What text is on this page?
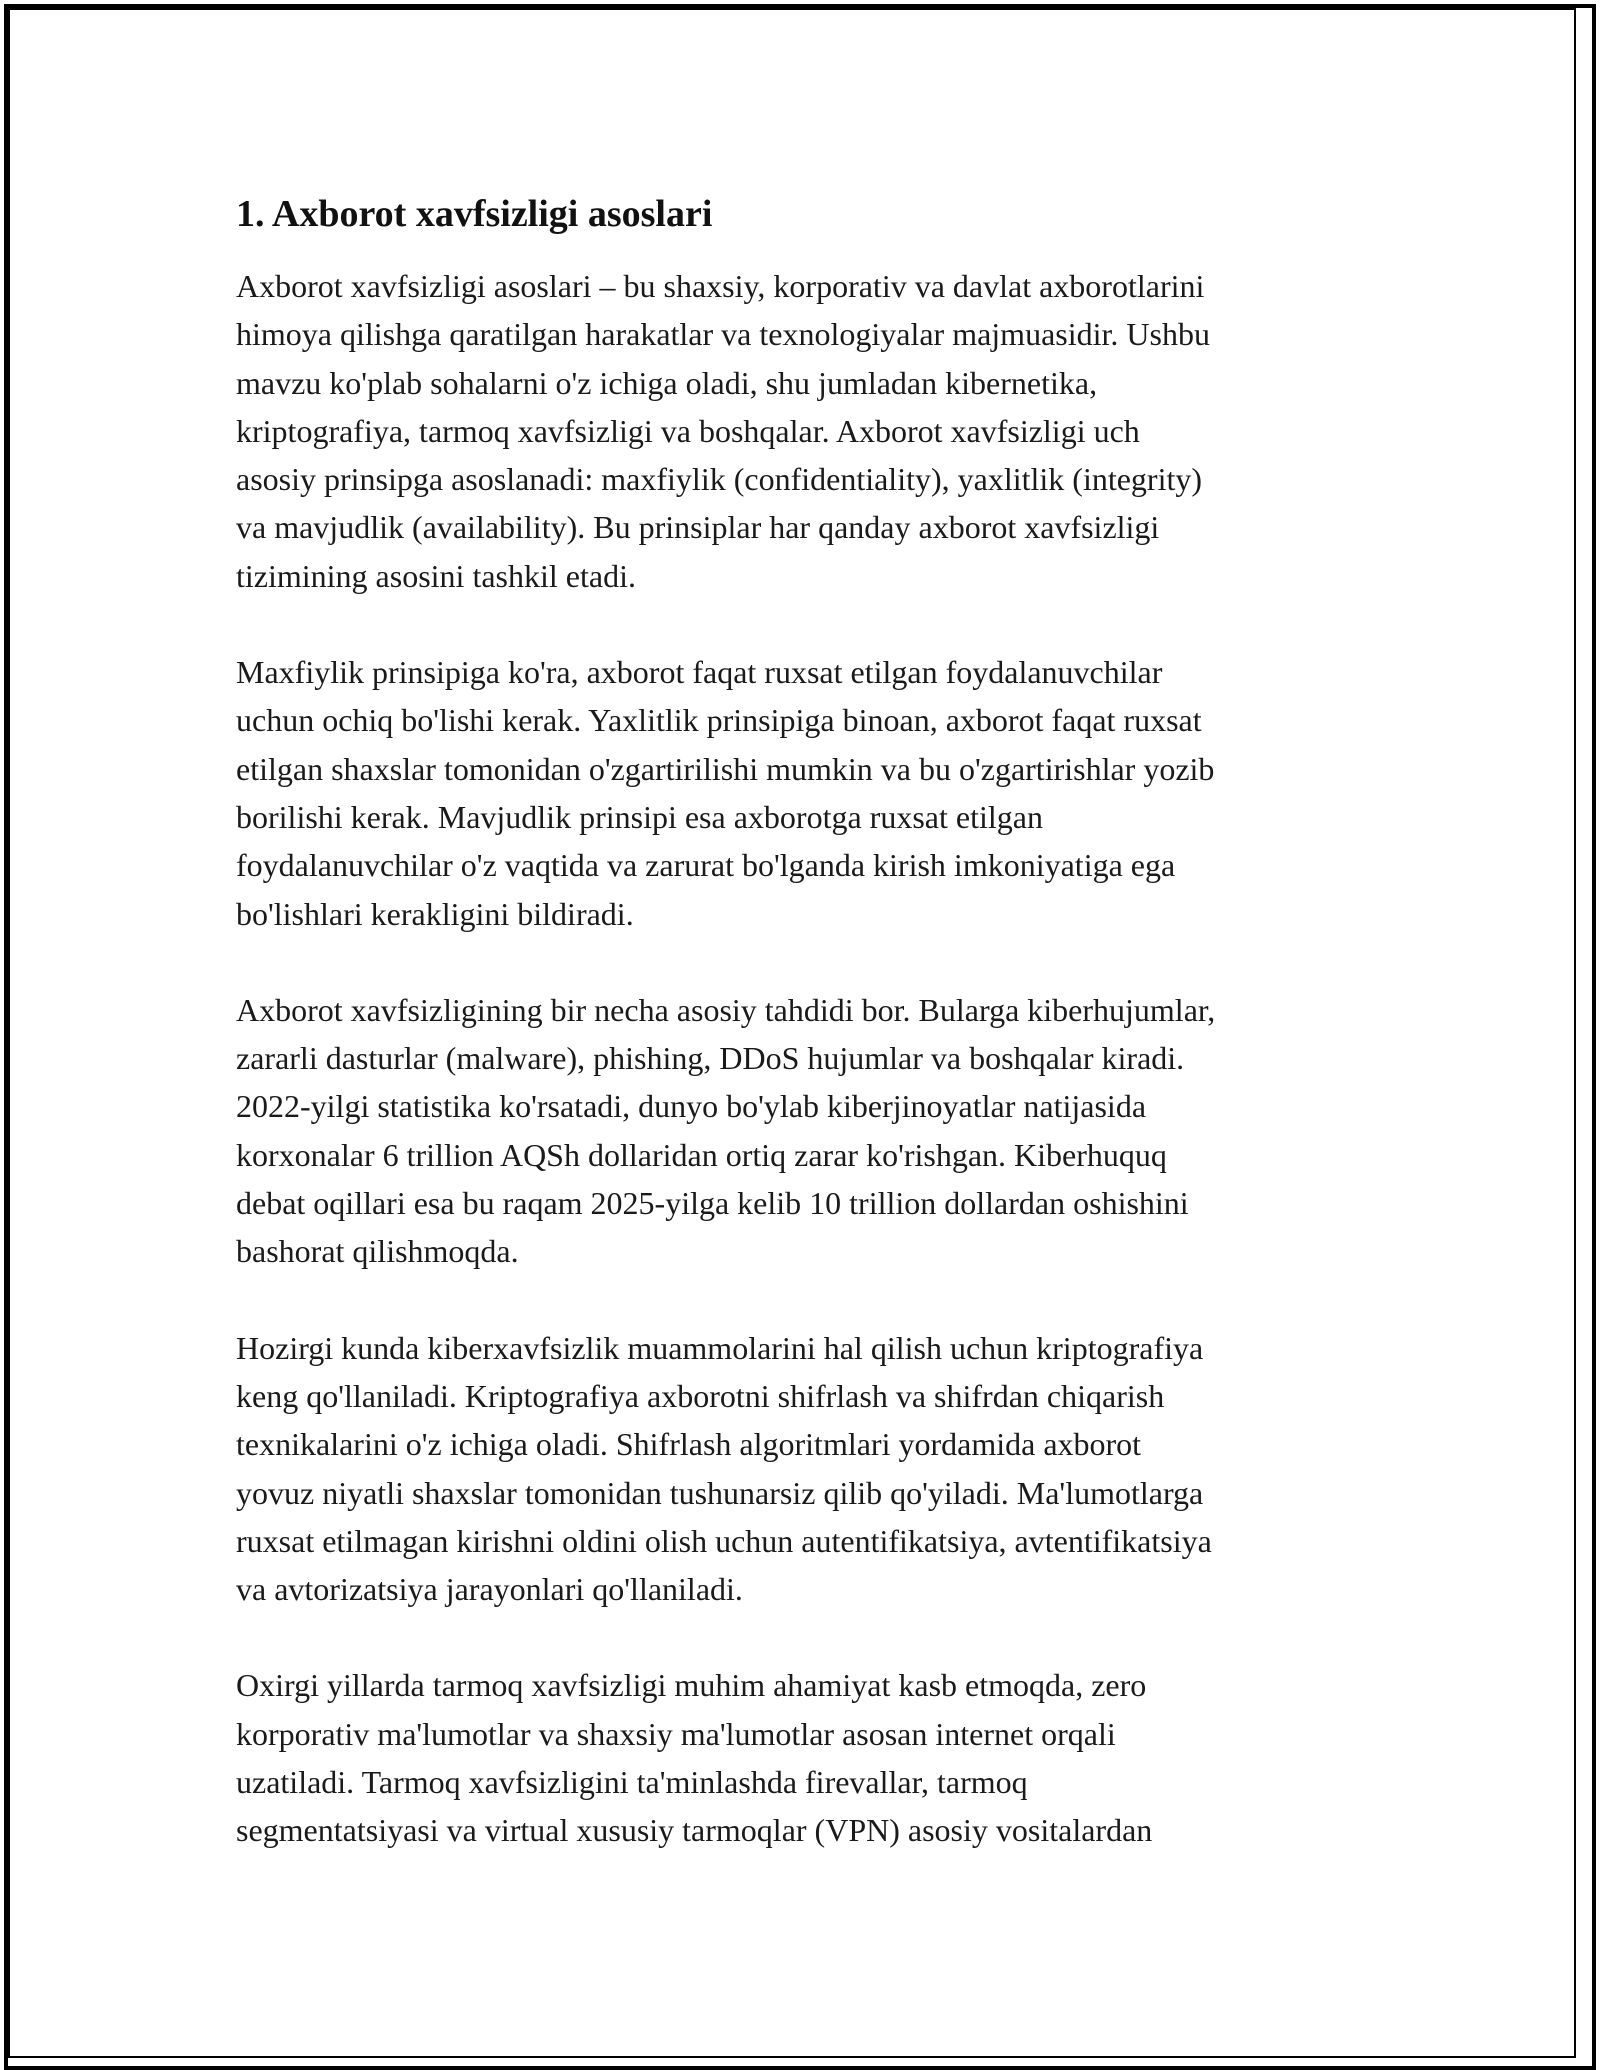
1. Axborot xavfsizligi asoslari

Axborot xavfsizligi asoslari – bu shaxsiy, korporativ va davlat axborotlarini
himoya qilishga qaratilgan harakatlar va texnologiyalar majmuasidir. Ushbu
mavzu ko'plab sohalarni o'z ichiga oladi, shu jumladan kibernetika,
kriptografiya, tarmoq xavfsizligi va boshqalar. Axborot xavfsizligi uch
asosiy prinsipga asoslanadi: maxfiylik (confidentiality), yaxlitlik (integrity)
va mavjudlik (availability). Bu prinsiplar har qanday axborot xavfsizligi
tizimining asosini tashkil etadi.

Maxfiylik prinsipiga ko'ra, axborot faqat ruxsat etilgan foydalanuvchilar
uchun ochiq bo'lishi kerak. Yaxlitlik prinsipiga binoan, axborot faqat ruxsat
etilgan shaxslar tomonidan o'zgartirilishi mumkin va bu o'zgartirishlar yozib
borilishi kerak. Mavjudlik prinsipi esa axborotga ruxsat etilgan
foydalanuvchilar o'z vaqtida va zarurat bo'lganda kirish imkoniyatiga ega
bo'lishlari kerakligini bildiradi.

Axborot xavfsizligining bir necha asosiy tahdidi bor. Bularga kiberhujumlar,
zararli dasturlar (malware), phishing, DDoS hujumlar va boshqalar kiradi.
2022-yilgi statistika ko'rsatadi, dunyo bo'ylab kiberjinoyatlar natijasida
korxonalar 6 trillion AQSh dollaridan ortiq zarar ko'rishgan. Kiberhuquq
debat oqillari esa bu raqam 2025-yilga kelib 10 trillion dollardan oshishini
bashorat qilishmoqda.

Hozirgi kunda kiberxavfsizlik muammolarini hal qilish uchun kriptografiya
keng qo'llaniladi. Kriptografiya axborotni shifrlash va shifrdan chiqarish
texnikalarini o'z ichiga oladi. Shifrlash algoritmlari yordamida axborot
yovuz niyatli shaxslar tomonidan tushunarsiz qilib qo'yiladi. Ma'lumotlarga
ruxsat etilmagan kirishni oldini olish uchun autentifikatsiya, avtentifikatsiya
va avtorizatsiya jarayonlari qo'llaniladi.

Oxirgi yillarda tarmoq xavfsizligi muhim ahamiyat kasb etmoqda, zero
korporativ ma'lumotlar va shaxsiy ma'lumotlar asosan internet orqali
uzatiladi. Tarmoq xavfsizligini ta'minlashda firevallar, tarmoq
segmentatsiyasi va virtual xususiy tarmoqlar (VPN) asosiy vositalardan
